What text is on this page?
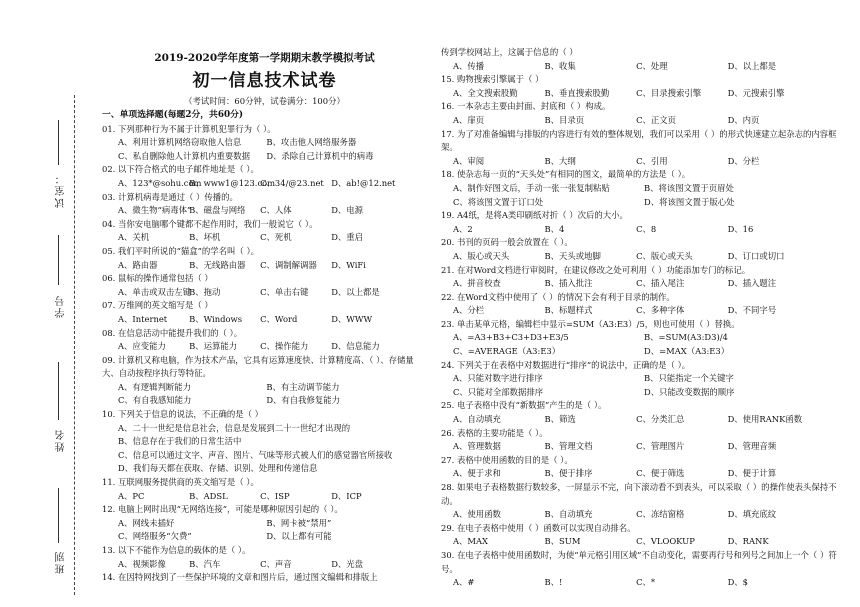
试室：
学号
姓名
班别
2019-2020学年度第一学期期末教学模拟考试
初一信息技术试卷
（考试时间：60分钟，试卷满分：100分）
一、单项选择题(每题2分，共60分)
01. 下列那种行为不属于计算机犯罪行为（ ）。
A、利用计算机网络窃取他人信息	B、攻击他人网络服务器
C、私自删除他人计算机内重要数据 D、杀除自己计算机中的病毒
02. 以下符合格式的电子邮件地址是（ ）。
A、123*@sohu.comB、www1@123.comC、34/@23.net D、ab!@12.net
03. 计算机病毒是通过（ ）传播的。
A、微生物“病毒体”B、磁盘与网络 C、人体	D、电源
04. 当你安电脑哪个键都不起作用时，我们一般说它（ ）。
A、关机	B、坏机	C、死机	D、重启
05. 我们平时所说的“猫盒”的学名叫（ ）。
A、路由器	B、无线路由器 C、调制解调器 D、WiFi
06. 鼠标的操作通常包括（ ）
A、单击或双击左键B、拖动	C、单击右键	D、以上都是
07. 万维网的英文缩写是（ ）
A、Internet	B、Windows C、Word	D、WWW
08. 在信息活动中能提升我们的（ ）。
A、应变能力	B、运算能力	C、操作能力	D、信息能力
09. 计算机又称电脑，作为技术产品，它具有运算速度快、计算精度高、（ ）、存储量大、自动按程序执行等特征。
A、有逻辑判断能力	B、有主动调节能力
C、有自我感知能力	D、有自我修复能力
10. 下列关于信息的说法，不正确的是（ ）
A、二十一世纪是信息社会，信息是发展到二十一世纪才出现的
B、信息存在于我们的日常生活中
C、信息可以通过文字、声音、图片、气味等形式被人们的感觉器官所接收
D、我们每天都在获取、存储、识别、处理和传递信息
11. 互联网服务提供商的英文缩写是（ ）。
A、PC	B、ADSL	C、ISP	D、ICP
12. 电脑上网时出现“无网络连接”，可能是哪种原因引起的（ ）。
A、网线未插好	B、网卡被“禁用”
C、网络服务“欠费”	D、以上都有可能
13. 以下不能作为信息的载体的是（ ）。
A、视频影像	B、汽车	C、声音	D、光盘
14. 在因特网找到了一些保护环境的文章和图片后，通过图文编辑和排版上
传到学校网站上，这属于信息的（ ）
A、传播	B、收集	C、处理	D、以上都是
15. 购物搜索引擎属于（ ）
A、全文搜索股勤	B、垂直搜索股勤	C、目录搜索引擎	D、元搜索引擎
16. 一本杂志主要由封面、封底和（ ）构成。
A、扉页	B、目录页	C、正文页	D、内页
17. 为了对准备编辑与排版的内容进行有效的整体规划，我们可以采用（ ）的形式快速建立起杂志的内容框架。
A、审阅	B、大纲	C、引用	D、分栏
18. 使杂志每一页的“天头处”有相同的图文，最简单的方法是（ ）。
A、制作好图文后，手动一张一张复制粘贴	B、将该图文置于页眉处
C、将该图文置于订口处	D、将该图文置于版心处
19. A4纸，是将A类印刷纸对折（ ）次后的大小。
A、2	B、4	C、8	D、16
20. 书刊的页码一般会放置在（ ）。
A、版心或天头	B、天头或地脚	C、版心或天头	D、订口或切口
21. 在对Word文档进行审阅时，在建议修改之处可利用（ ）功能添加专门的标记。
A、拼音校查	B、插入批注	C、插入尾注	D、插入题注
22. 在Word文档中使用了（ ）的情况下会有利于目录的制作。
A、分栏	B、标题样式	C、多种字体	D、不同字号
23. 单击某单元格，编辑栏中显示=SUM（A3:E3）/5，则也可使用（ ）替换。
A、=A3+B3+C3+D3+E3/5	B、=SUM(A3:D3)/4
C、=AVERAGE（A3:E3）	D、=MAX（A3:E3）
24. 下列关于在表格中对数据进行“排序”的说法中，正确的是（ ）。
A、只能对数字进行排序	B、只能指定一个关键字
C、只能对全部数据排序	D、只能改变数据的顺序
25. 电子表格中没有“新数据”产生的是（ ）。
A、自动填充	B、筛选	C、分类汇总	D、使用RANK函数
26. 表格的主要功能是（ ）。
A、管理数据	B、管理文档	C、管理图片	D、管理音频
27. 表格中使用函数的目的是（ ）。
A、便于求和	B、便于排序	C、便于筛选	D、便于计算
28. 如果电子表格数据行数较多，一屏显示不完，向下滚动看不到表头，可以采取（ ）的操作使表头保持不动。
A、使用函数	B、自动填充	C、冻结窗格	D、填充底纹
29. 在电子表格中使用（ ）函数可以实现自动排名。
A、MAX	B、SUM	C、VLOOKUP	D、RANK
30. 在电子表格中使用函数时，为使“单元格引用区域”不自动变化，需要再行号和列号之间加上一个（ ）符号。
A、#	B、!	C、*	D、$
